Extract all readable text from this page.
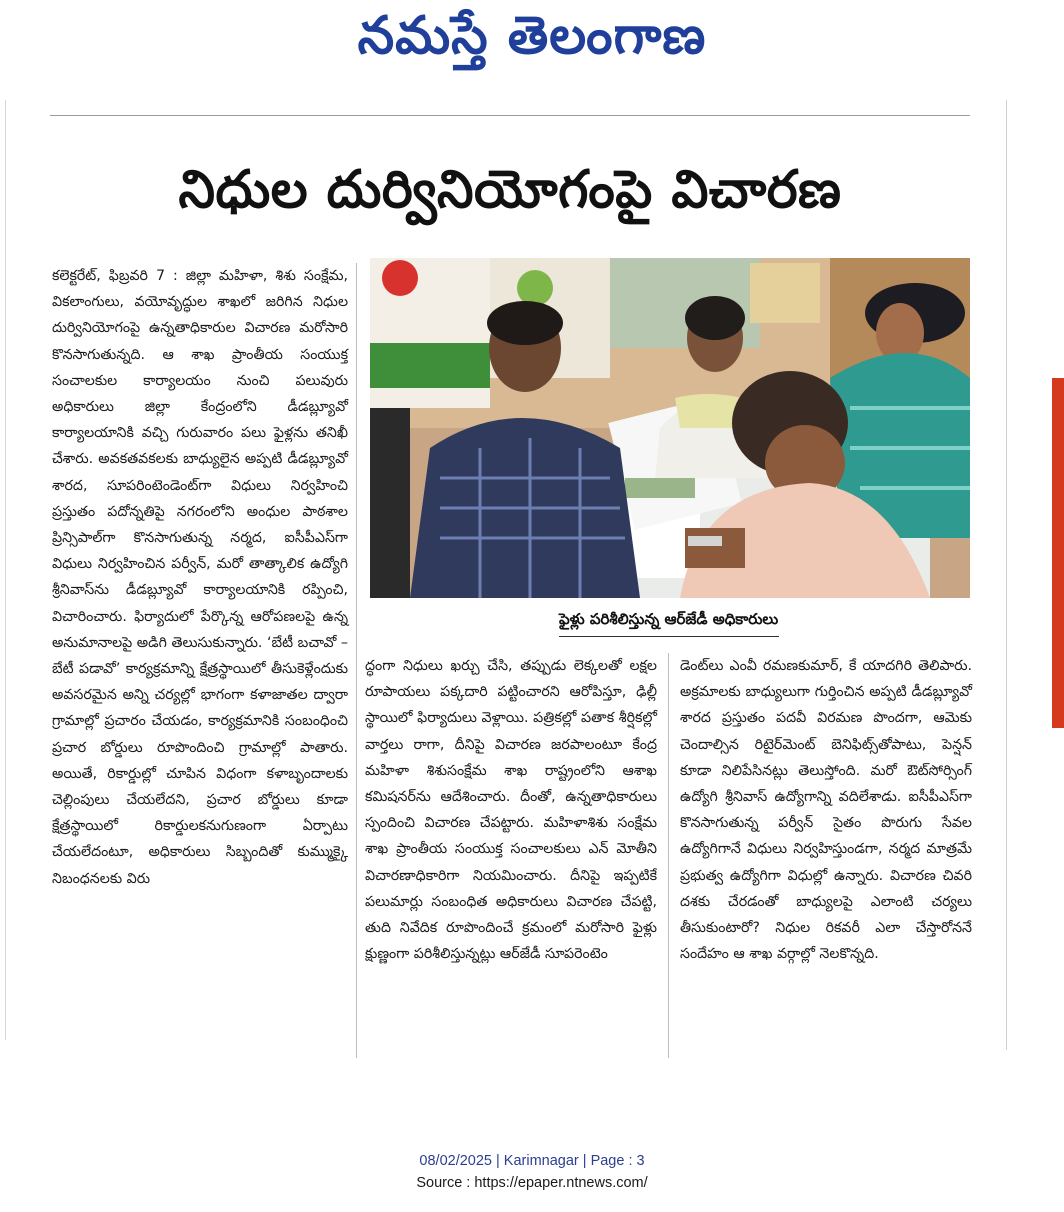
నమస్తే తెలంగాణ
నిధుల దుర్వినియోగంపై విచారణ
ఫైళ్లు పరిశీలిస్తున్న ఆర్‌జేడీ అధికారులు

కలెక్టరేట్, ఫిబ్రవరి 7 : జిల్లా మహిళా, శిశు సంక్షేమ, వికలాంగులు, వయోవృద్ధుల శాఖలో జరిగిన నిధుల దుర్వినియోగంపై ఉన్నతాధికారుల విచారణ మరోసారి కొనసాగుతున్నది. ఆ శాఖ ప్రాంతీయ సంయుక్త సంచాలకుల కార్యాలయం నుంచి పలువురు అధికారులు జిల్లా కేంద్రంలోని డీడబ్ల్యూవో కార్యాలయానికి వచ్చి గురువారం పలు ఫైళ్లను తనిఖీ చేశారు. అవకతవకలకు బాధ్యులైన అప్పటి డీడబ్ల్యూవో శారద, సూపరింటెండెంట్‌గా విధులు నిర్వహించి ప్రస్తుతం పదోన్నతిపై నగరంలోని అంధుల పాఠశాల ప్రిన్సిపాల్‌గా కొనసాగుతున్న నర్మద, ఐసీపీఎస్‌గా విధులు నిర్వహించిన పర్వీన్, మరో తాత్కాలిక ఉద్యోగి శ్రీనివాస్‌ను డీడబ్ల్యూవో కార్యాలయానికి రప్పించి, విచారించారు. ఫిర్యాదులో పేర్కొన్న ఆరోపణలపై ఉన్న అనుమానాలపై అడిగి తెలుసుకున్నారు. ‘బేటీ బచావో – బేటీ పడావో’ కార్యక్రమాన్ని క్షేత్రస్థాయిలో తీసుకెళ్లేందుకు అవసరమైన అన్ని చర్యల్లో భాగంగా కళాజాతల ద్వారా గ్రామాల్లో ప్రచారం చేయడం, కార్యక్రమానికి సంబంధించి ప్రచార బోర్డులు రూపొందించి గ్రామాల్లో పాతారు. అయితే, రికార్డుల్లో చూపిన విధంగా కళాబృందాలకు చెల్లింపులు చేయలేదని, ప్రచార బోర్డులు కూడా క్షేత్రస్థాయిలో రికార్డులకనుగుణంగా ఏర్పాటు చేయలేదంటూ, అధికారులు సిబ్బందితో కుమ్ముక్కై నిబంధనలకు విరు

ద్ధంగా నిధులు ఖర్చు చేసి, తప్పుడు లెక్కలతో లక్షల రూపాయలు పక్కదారి పట్టించారని ఆరోపిస్తూ, ఢిల్లీ స్థాయిలో ఫిర్యాదులు వెళ్లాయి. పత్రికల్లో పతాక శీర్షికల్లో వార్తలు రాగా, దీనిపై విచారణ జరపాలంటూ కేంద్ర మహిళా శిశుసంక్షేమ శాఖ రాష్ట్రంలోని ఆశాఖ కమిషనర్‌ను ఆదేశించారు. దీంతో, ఉన్నతాధికారులు స్పందించి విచారణ చేపట్టారు. మహిళాశిశు సంక్షేమ శాఖ ప్రాంతీయ సంయుక్త సంచాలకులు ఎన్ మోతీని విచారణాధికారిగా నియమించారు. దీనిపై ఇప్పటికే పలుమార్లు సంబంధిత అధికారులు విచారణ చేపట్టి, తుది నివేదిక రూపొందించే క్రమంలో మరోసారి ఫైళ్లు క్షుణ్ణంగా పరిశీలిస్తున్నట్లు ఆర్‌జేడీ సూపరెంటెం

డెంట్‌లు ఎంవీ రమణకుమార్, కే యాదగిరి తెలిపారు. అక్రమాలకు బాధ్యులుగా గుర్తించిన అప్పటి డీడబ్ల్యూవో శారద ప్రస్తుతం పదవీ విరమణ పొందగా, ఆమెకు చెందాల్సిన రిటైర్‌మెంట్ బెనిఫిట్స్‌తోపాటు, పెన్షన్ కూడా నిలిపేసినట్లు తెలుస్తోంది. మరో ఔట్‌సోర్సింగ్ ఉద్యోగి శ్రీనివాస్ ఉద్యోగాన్ని వదిలేశాడు. ఐసీపీఎస్‌గా కొనసాగుతున్న పర్వీన్ సైతం పొరుగు సేవల ఉద్యోగిగానే విధులు నిర్వహిస్తుండగా, నర్మద మాత్రమే ప్రభుత్వ ఉద్యోగిగా విధుల్లో ఉన్నారు. విచారణ చివరి దశకు చేరడంతో బాధ్యులపై ఎలాంటి చర్యలు తీసుకుంటారో? నిధుల రికవరీ ఎలా చేస్తారోననే సందేహం ఆ శాఖ వర్గాల్లో నెలకొన్నది.

08/02/2025 | Karimnagar | Page : 3
Source : https://epaper.ntnews.com/
